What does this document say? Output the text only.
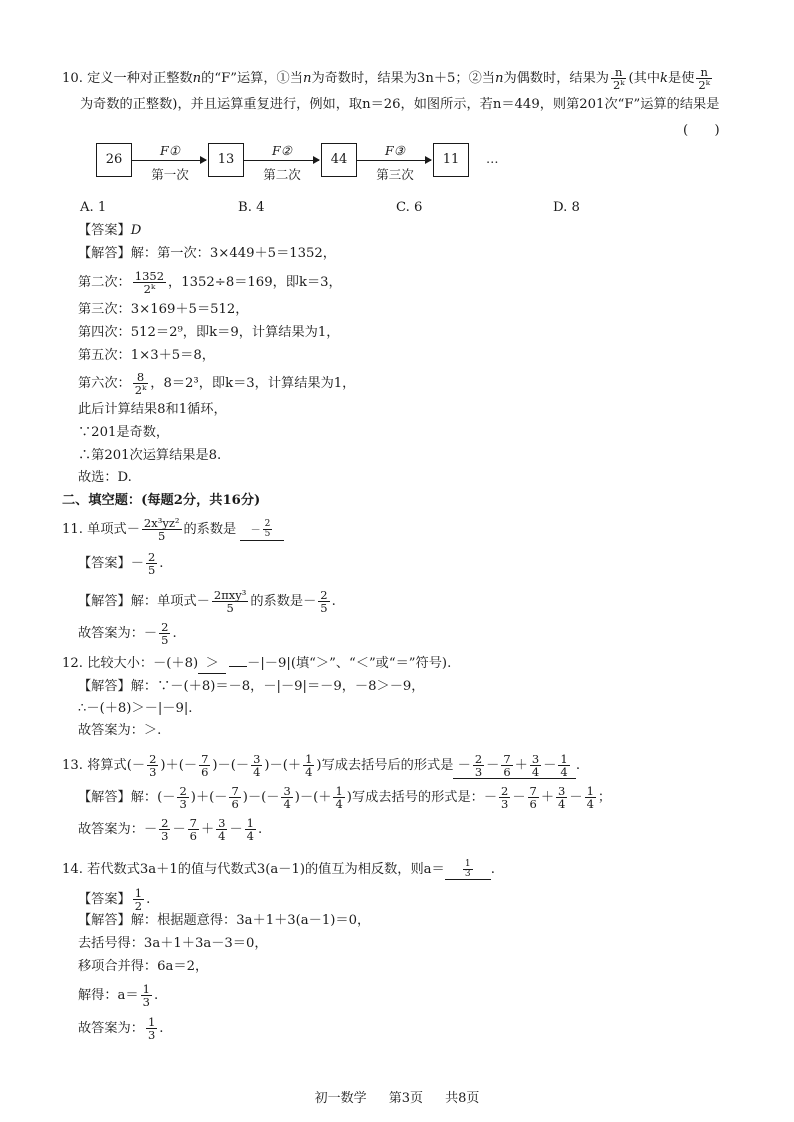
10. 定义一种对正整数n的“F”运算，①当n为奇数时，结果为3n＋5；②当n为偶数时，结果为 $\frac{n}{\text{2ᵏ}}$ (其中k是使 $\frac{n}{\text{2ᵏ}}$
为奇数的正整数)，并且运算重复进行，例如，取n＝26，如图所示，若n＝449，则第201次“F”运算的结果是
(　　)
26	13	44	11
F①	F②	F③
第一次	第二次	第三次
…
A. 1	B. 4	C. 6	D. 8
【答案】D
【解答】解：第一次：3×449＋5＝1352，
第二次： $\frac{1352}{\text{2ᵏ}}$ ，1352÷8＝169，即k＝3，
第三次：3×169＋5＝512，
第四次：512＝2⁹，即k＝9，计算结果为1，
第五次：1×3＋5＝8，
第六次： $\frac{8}{\text{2ᵏ}}$ ，8＝2³，即k＝3，计算结果为1，
此后计算结果8和1循环，
∵201是奇数，
∴第201次运算结果是8.
故选：D.
二、填空题：(每题2分，共16分)
11. 单项式－ $\frac{\text{2x³yz²}}{5}$ 的系数是 － $\frac{2}{5}$
【答案】－ $\frac{2}{5}$ .
【解答】解：单项式－ $\frac{\text{2πxy³}}{5}$ 的系数是－ $\frac{2}{5}$ .
故答案为：－ $\frac{2}{5}$ .
12. 比较大小：－(＋8) ＞ －|－9|(填“＞”、“＜”或“＝”符号).
【解答】解：∵－(＋8)＝－8，－|－9|＝－9，－8＞－9，
∴－(＋8)＞－|－9|.
故答案为：＞.
13. 将算式(－ $\frac{2}{3}$ )＋(－ $\frac{7}{6}$ )－(－ $\frac{3}{4}$ )－(＋ $\frac{1}{4}$ )写成去括号后的形式是 － $\frac{2}{3} - \frac{7}{6} + \frac{3}{4} - \frac{1}{4}$ .
【解答】解：(－ $\frac{2}{3}$ )＋(－ $\frac{7}{6}$ )－(－ $\frac{3}{4}$ )－(＋ $\frac{1}{4}$ )写成去括号的形式是：－ $\frac{2}{3} - \frac{7}{6} + \frac{3}{4} - \frac{1}{4}$ ；
故答案为：－ $\frac{2}{3} - \frac{7}{6} + \frac{3}{4} - \frac{1}{4}$ .
14. 若代数式3a＋1的值与代数式3(a－1)的值互为相反数，则$a= \frac{1}{3}$ .
【答案】 $\frac{1}{2}$ .
【解答】解：根据题意得：3a＋1＋3(a－1)＝0，
去括号得：3a＋1＋3a－3＝0，
移项合并得：6a＝2，
解得：$a= \frac{1}{3}$ .
故答案为： $\frac{1}{3}$ .
初一数学 第3页 共8页
